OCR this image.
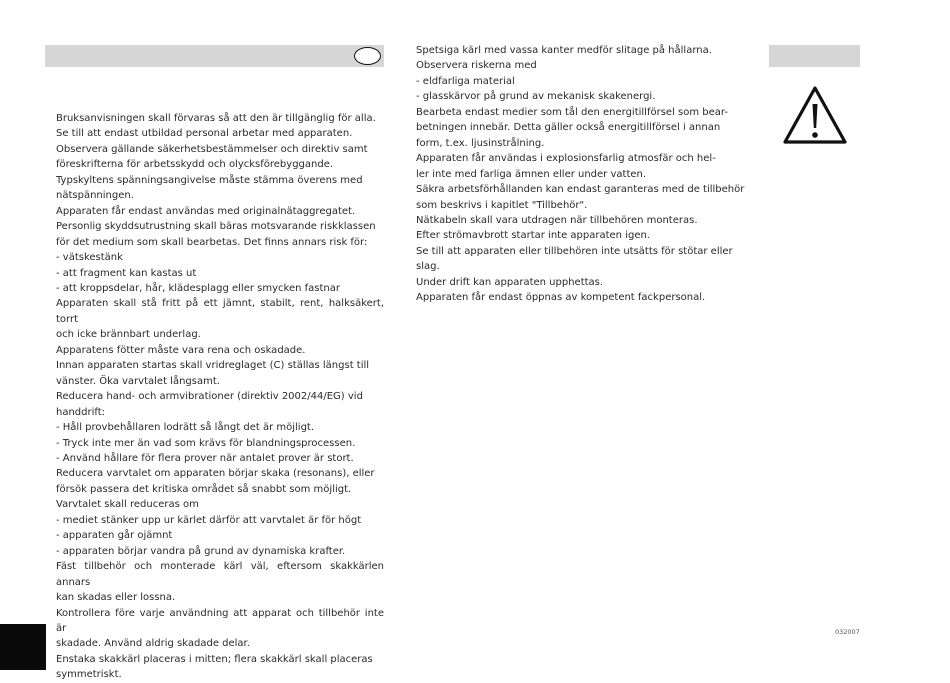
Bruksanvisningen skall förvaras så att den är tillgänglig för alla.

Se till att endast utbildad personal arbetar med apparaten.

Observera gällande säkerhetsbestämmelser och direktiv samt

föreskrifterna för arbetsskydd och olycksförebyggande.

Typskyltens spänningsangivelse måste stämma överens med

nätspänningen.

Apparaten får endast användas med originalnätaggregatet.

Personlig skyddsutrustning skall bäras motsvarande riskklassen

för det medium som skall bearbetas. Det finns annars risk för:

- vätskestänk

- att fragment kan kastas ut

- att kroppsdelar, hår, klädesplagg eller smycken fastnar

Apparaten skall stå fritt på ett jämnt, stabilt, rent, halksäkert, torrt

och icke brännbart underlag.

Apparatens fötter måste vara rena och oskadade.

Innan apparaten startas skall vridreglaget (C) ställas längst till

vänster. Öka varvtalet långsamt.

Reducera hand- och armvibrationer (direktiv 2002/44/EG) vid

handdrift:

- Håll provbehållaren lodrätt så långt det är möjligt.

- Tryck inte mer än vad som krävs för blandningsprocessen.

- Använd hållare för flera prover när antalet prover är stort.

Reducera varvtalet om apparaten börjar skaka (resonans), eller

försök passera det kritiska området så snabbt som möjligt.

Varvtalet skall reduceras om

- mediet stänker upp ur kärlet därför att varvtalet är för högt

- apparaten går ojämnt

- apparaten börjar vandra på grund av dynamiska krafter.

Fäst tillbehör och monterade kärl väl, eftersom skakkärlen annars

kan skadas eller lossna.

Kontrollera före varje användning att apparat och tillbehör inte är

skadade. Använd aldrig skadade delar.

Enstaka skakkärl placeras i mitten; flera skakkärl skall placeras

symmetriskt.

Spetsiga kärl med vassa kanter medför slitage på hållarna.

Observera riskerna med

- eldfarliga material

- glasskärvor på grund av mekanisk skakenergi.

Bearbeta endast medier som tål den energitillförsel som bear-

betningen innebär. Detta gäller också energitillförsel i annan

form, t.ex. ljusinstrålning.

Apparaten får användas i explosionsfarlig atmosfär och hel-

ler inte med farliga ämnen eller under vatten.

Säkra arbetsförhållanden kan endast garanteras med de tillbehör

som beskrivs i kapitlet "Tillbehör".

Nätkabeln skall vara utdragen när tillbehören monteras.

Efter strömavbrott startar inte apparaten igen.

Se till att apparaten eller tillbehören inte utsätts för stötar eller

slag.

Under drift kan apparaten upphettas.

Apparaten får endast öppnas av kompetent fackpersonal.

032007
